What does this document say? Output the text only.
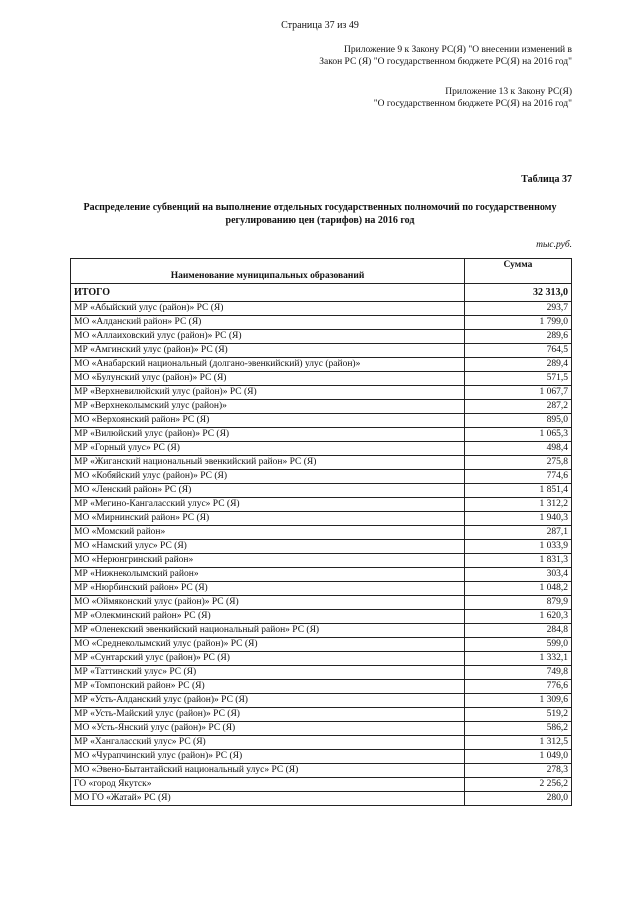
Страница 37 из 49
Приложение 9 к Закону РС(Я) "О внесении изменений в
Закон РС (Я) "О государственном бюджете РС(Я) на 2016 год"
Приложение 13 к Закону РС(Я)
"О государственном бюджете РС(Я) на 2016 год"
Таблица 37
Распределение субвенций на выполнение отдельных государственных полномочий по государственному
регулированию цен (тарифов) на 2016 год
тыс.руб.
Наименование муниципальных образований	Сумма
ИТОГО	32 313,0
МР «Абыйский улус (район)» РС (Я)	293,7
МО «Алданский район» РС (Я)	1 799,0
МО «Аллаиховский улус (район)» РС (Я)	289,6
МР «Амгинский улус (район)» РС (Я)	764,5
МО «Анабарский национальный (долгано-эвенкийский) улус (район)»	289,4
МО «Булунский улус (район)» РС (Я)	571,5
МР «Верхневилюйский улус (район)» РС (Я)	1 067,7
МР «Верхнеколымский улус (район)»	287,2
МО «Верхоянский район» РС (Я)	895,0
МР «Вилюйский улус (район)» РС (Я)	1 065,3
МР «Горный улус» РС (Я)	498,4
МР «Жиганский национальный эвенкийский район» РС (Я)	275,8
МО «Кобяйский улус (район)» РС (Я)	774,6
МО «Ленский район» РС (Я)	1 851,4
МР «Мегино-Кангаласский улус» РС (Я)	1 312,2
МО «Мирнинский район» РС (Я)	1 940,3
МО «Момский район»	287,1
МО «Намский улус» РС (Я)	1 033,9
МО «Нерюнгринский район»	1 831,3
МР «Нижнеколымский район»	303,4
МР «Нюрбинский район» РС (Я)	1 048,2
МО «Оймяконский улус (район)» РС (Я)	879,9
МР «Олекминский район» РС (Я)	1 620,3
МР «Оленекский эвенкийский национальный район» РС (Я)	284,8
МО «Среднеколымский улус (район)» РС (Я)	599,0
МР «Сунтарский улус (район)» РС (Я)	1 332,1
МР «Таттинский улус» РС (Я)	749,8
МР «Томпонский район» РС (Я)	776,6
МР «Усть-Алданский улус (район)» РС (Я)	1 309,6
МР «Усть-Майский улус (район)» РС (Я)	519,2
МО «Усть-Янский улус (район)» РС (Я)	586,2
МР «Хангаласский улус» РС (Я)	1 312,5
МО «Чурапчинский улус (район)» РС (Я)	1 049,0
МО «Эвено-Бытантайский национальный улус» РС (Я)	278,3
ГО «город Якутск»	2 256,2
МО ГО «Жатай» РС (Я)	280,0
